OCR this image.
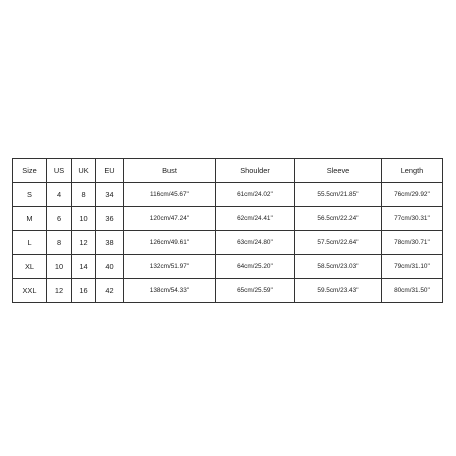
Size	US	UK	EU	Bust	Shoulder	Sleeve	Length
S	4	8	34	116cm/45.67''	61cm/24.02''	55.5cm/21.85''	76cm/29.92''
M	6	10	36	120cm/47.24''	62cm/24.41''	56.5cm/22.24''	77cm/30.31''
L	8	12	38	126cm/49.61''	63cm/24.80''	57.5cm/22.64''	78cm/30.71''
XL	10	14	40	132cm/51.97''	64cm/25.20''	58.5cm/23.03''	79cm/31.10''
XXL	12	16	42	138cm/54.33''	65cm/25.59''	59.5cm/23.43''	80cm/31.50''
